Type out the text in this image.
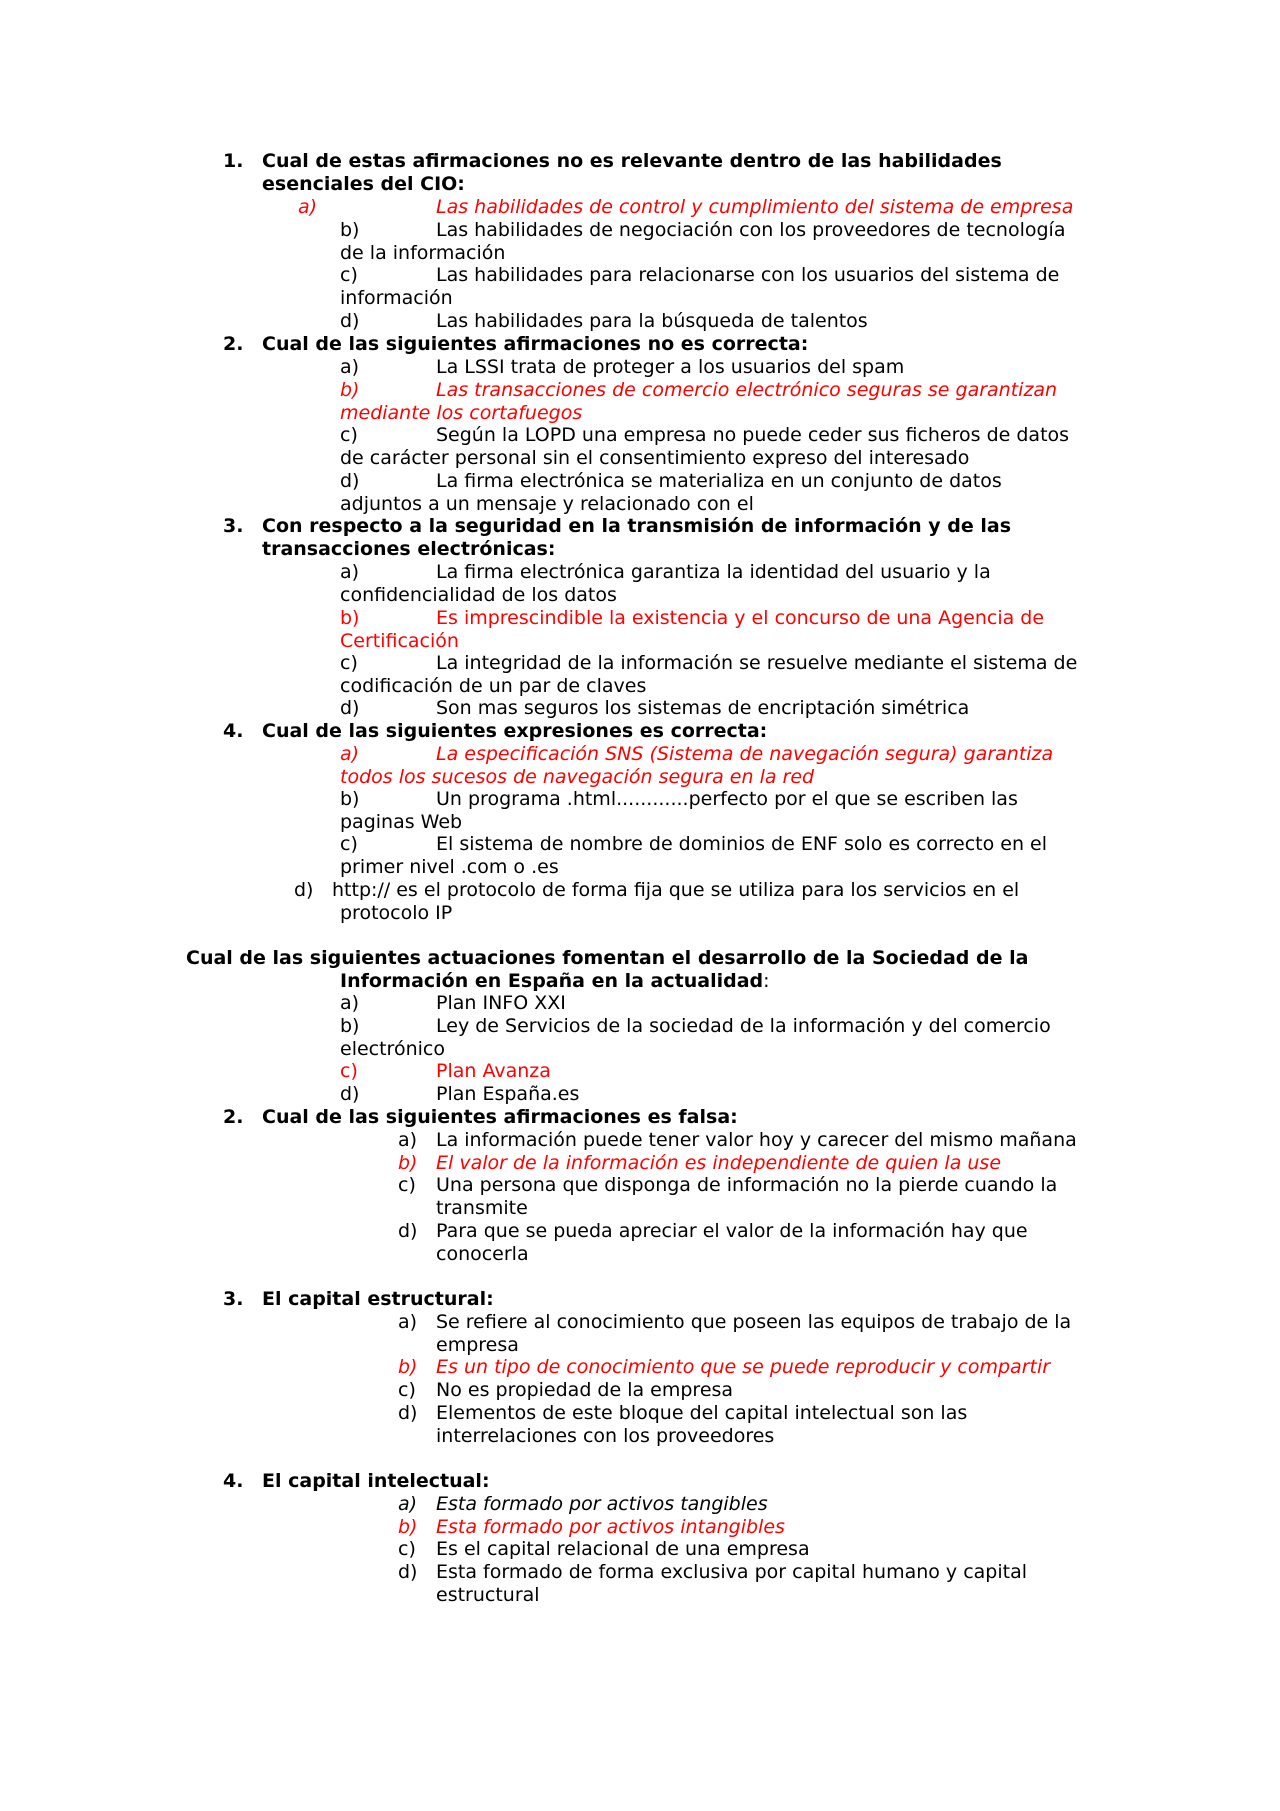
1. Cual de estas afirmaciones no es relevante dentro de las habilidades esenciales del CIO:
a)	Las habilidades de control y cumplimiento del sistema de empresa
b)	Las habilidades de negociación con los proveedores de tecnología
de la información
c)	Las habilidades para relacionarse con los usuarios del sistema de
información
d)	Las habilidades para la búsqueda de talentos
2. Cual de las siguientes afirmaciones no es correcta:
a)	La LSSI trata de proteger a los usuarios del spam
b)	Las transacciones de comercio electrónico seguras se garantizan
mediante los cortafuegos
c)	Según la LOPD una empresa no puede ceder sus ficheros de datos
de carácter personal sin el consentimiento expreso del interesado
d)	La firma electrónica se materializa en un conjunto de datos
adjuntos a un mensaje y relacionado con el
3. Con respecto a la seguridad en la transmisión de información y de las transacciones electrónicas:
a)	La firma electrónica garantiza la identidad del usuario y la
confidencialidad de los datos
b)	Es imprescindible la existencia y el concurso de una Agencia de
Certificación
c)	La integridad de la información se resuelve mediante el sistema de
codificación de un par de claves
d)	Son mas seguros los sistemas de encriptación simétrica
4. Cual de las siguientes expresiones es correcta:
a)	La especificación SNS (Sistema de navegación segura) garantiza
todos los sucesos de navegación segura en la red
b)	Un programa .html............perfecto por el que se escriben las
paginas Web
c)	El sistema de nombre de dominios de ENF solo es correcto en el
primer nivel .com o .es
d) http:// es el protocolo de forma fija que se utiliza para los servicios en el
protocolo IP
Cual de las siguientes actuaciones fomentan el desarrollo de la Sociedad de la
Información en España en la actualidad:
a)	Plan INFO XXI
b)	Ley de Servicios de la sociedad de la información y del comercio
electrónico
c)	Plan Avanza
d)	Plan España.es
2. Cual de las siguientes afirmaciones es falsa:
a) La información puede tener valor hoy y carecer del mismo mañana
b) El valor de la información es independiente de quien la use
c) Una persona que disponga de información no la pierde cuando la transmite
d) Para que se pueda apreciar el valor de la información hay que conocerla
3. El capital estructural:
a) Se refiere al conocimiento que poseen las equipos de trabajo de la empresa
b) Es un tipo de conocimiento que se puede reproducir y compartir
c) No es propiedad de la empresa
d) Elementos de este bloque del capital intelectual son las interrelaciones con los proveedores
4. El capital intelectual:
a) Esta formado por activos tangibles
b) Esta formado por activos intangibles
c) Es el capital relacional de una empresa
d) Esta formado de forma exclusiva por capital humano y capital estructural
